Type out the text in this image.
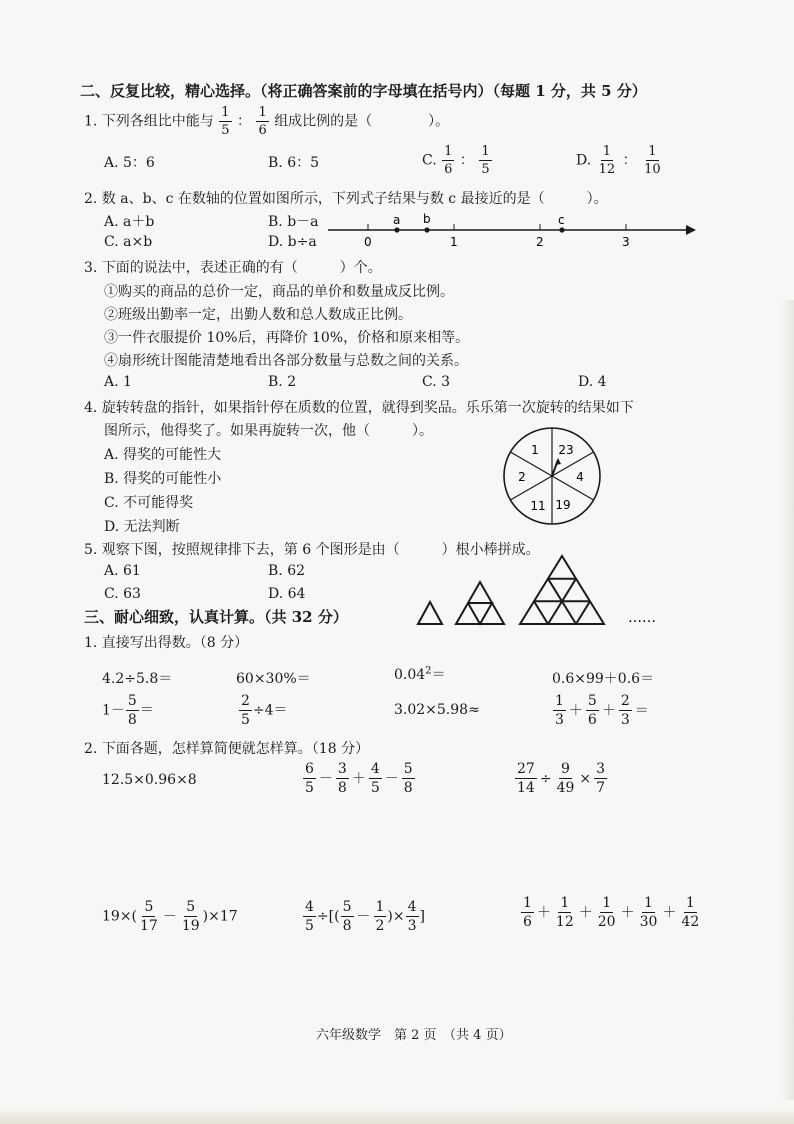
二、反复比较，精心选择。（将正确答案前的字母填在括号内）（每题 1 分，共 5 分）
1. 下列各组比中能与 $\frac{1}{5}$ ： $\frac{1}{6}$ 组成比例的是（　　　　）。
A. 5：6	B. 6：5	C. $\frac{1}{6}$ ： $\frac{1}{5}$	D. $\frac{1}{12}$ ： $\frac{1}{10}$
2. 数 a、b、c 在数轴的位置如图所示，下列式子结果与数 c 最接近的是（　　　）。
A. a＋b	B. b－a
C. a×b	D. b÷a	0	1	2	3
a b	c
3. 下面的说法中，表述正确的有（　　　）个。
①购买的商品的总价一定，商品的单价和数量成反比例。
②班级出勤率一定，出勤人数和总人数成正比例。
③一件衣服提价 10%后，再降价 10%，价格和原来相等。
④扇形统计图能清楚地看出各部分数量与总数之间的关系。
A. 1	B. 2	C. 3	D. 4
4. 旋转转盘的指针，如果指针停在质数的位置，就得到奖品。乐乐第一次旋转的结果如下
图所示，他得奖了。如果再旋转一次，他（　　　）。
A. 得奖的可能性大
B. 得奖的可能性小
C. 不可能得奖
D. 无法判断
1 23
4
19
11
2
5. 观察下图，按照规律排下去，第 6 个图形是由（　　　）根小棒拼成。
A. 61	B. 62
C. 63	D. 64
……
三、耐心细致，认真计算。（共 32 分）
1. 直接写出得数。（8 分）
4.2÷5.8＝	60×30%＝	$0.04^2=$	0.6×99＋0.6＝
$1- \frac{5}{8}$ ＝	$\frac{2}{5} \div 4=$	3.02×5.98≈	$\frac{1}{3} + \frac{5}{6} + \frac{2}{3}$ ＝
2. 下面各题，怎样算简便就怎样算。（18 分）
12.5×0.96×8	$\frac{6}{5} - \frac{3}{8} + \frac{4}{5} - \frac{5}{8}$	$\frac{27}{14} \div \frac{9}{49} \times \frac{3}{7}$
$19\times( \frac{5}{17} - \frac{5}{19} )\times 17$	$\frac{4}{5}$ ÷[( $\frac{5}{8} - \frac{1}{2}$ )× $\frac{4}{3}$ ]	$\frac{1}{6} + \frac{1}{12} + \frac{1}{20} + \frac{1}{30} + \frac{1}{42}$
六年级数学　第 2 页　（共 4 页）
